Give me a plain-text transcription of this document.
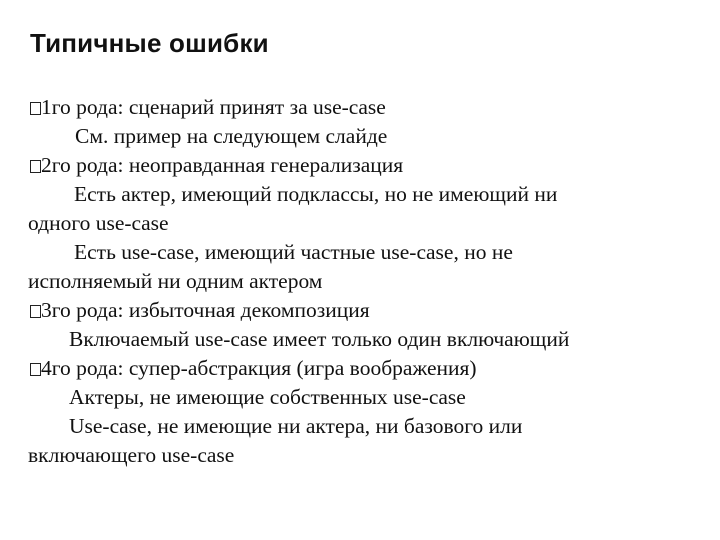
Типичные ошибки
1го рода: сценарий принят за use-case
См. пример на следующем слайде
2го рода: неоправданная генерализация
Есть актер, имеющий подклассы, но не имеющий ни
одного use-case
Есть use-case, имеющий частные use-case, но не
исполняемый ни одним актером
3го рода: избыточная декомпозиция
Включаемый use-case имеет только один включающий
4го рода: супер-абстракция (игра воображения)
Актеры, не имеющие собственных use-case
Use-case, не имеющие ни актера, ни базового или
включающего use-case
